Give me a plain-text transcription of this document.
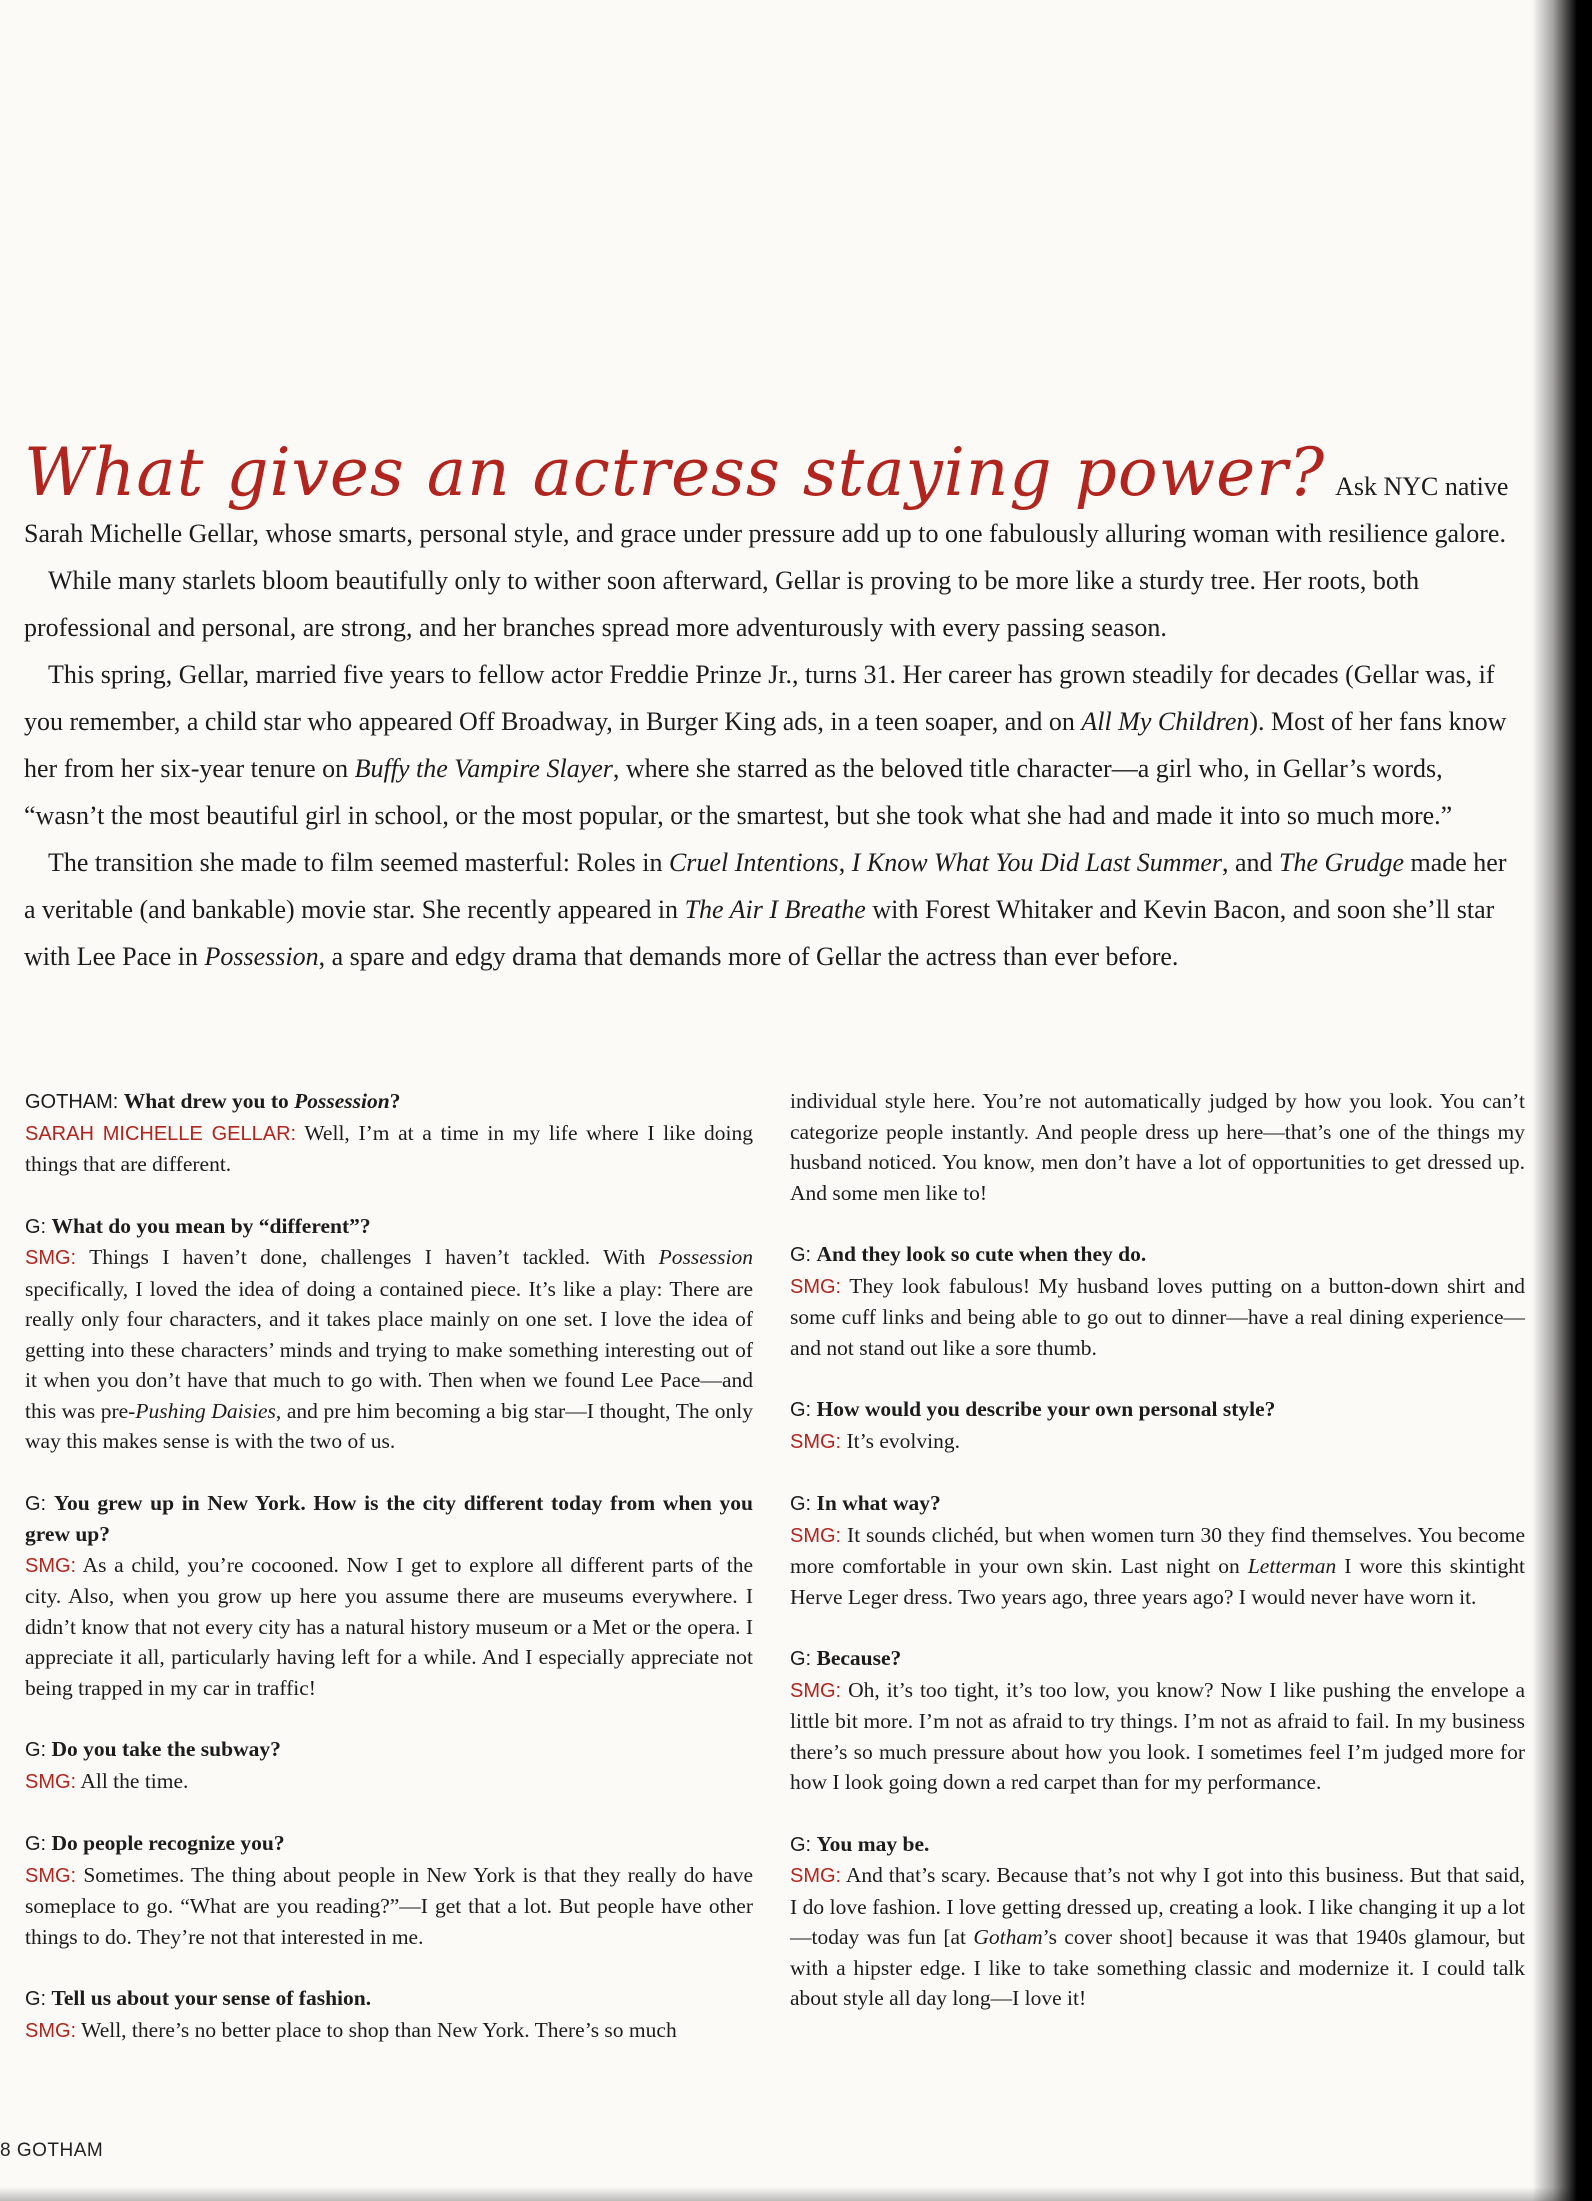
What gives an actress staying power? Ask NYC native Sarah Michelle Gellar, whose smarts, personal style, and grace under pressure add up to one fabulously alluring woman with resilience galore.

While many starlets bloom beautifully only to wither soon afterward, Gellar is proving to be more like a sturdy tree. Her roots, both professional and personal, are strong, and her branches spread more adventurously with every passing season.

This spring, Gellar, married five years to fellow actor Freddie Prinze Jr., turns 31. Her career has grown steadily for decades (Gellar was, if you remember, a child star who appeared Off Broadway, in Burger King ads, in a teen soaper, and on All My Children). Most of her fans know her from her six-year tenure on Buffy the Vampire Slayer, where she starred as the beloved title character—a girl who, in Gellar’s words, “wasn’t the most beautiful girl in school, or the most popular, or the smartest, but she took what she had and made it into so much more.”

The transition she made to film seemed masterful: Roles in Cruel Intentions, I Know What You Did Last Summer, and The Grudge made her a veritable (and bankable) movie star. She recently appeared in The Air I Breathe with Forest Whitaker and Kevin Bacon, and soon she’ll star with Lee Pace in Possession, a spare and edgy drama that demands more of Gellar the actress than ever before.

GOTHAM: What drew you to Possession?

SARAH MICHELLE GELLAR: Well, I’m at a time in my life where I like doing things that are different.

G: What do you mean by “different”?

SMG: Things I haven’t done, challenges I haven’t tackled. With Possession specifically, I loved the idea of doing a contained piece. It’s like a play: There are really only four characters, and it takes place mainly on one set. I love the idea of getting into these characters’ minds and trying to make something interesting out of it when you don’t have that much to go with. Then when we found Lee Pace—and this was pre-Pushing Daisies, and pre him becoming a big star—I thought, The only way this makes sense is with the two of us.

G: You grew up in New York. How is the city different today from when you grew up?

SMG: As a child, you’re cocooned. Now I get to explore all different parts of the city. Also, when you grow up here you assume there are museums everywhere. I didn’t know that not every city has a natural history museum or a Met or the opera. I appreciate it all, particularly having left for a while. And I especially appreciate not being trapped in my car in traffic!

G: Do you take the subway?

SMG: All the time.

G: Do people recognize you?

SMG: Sometimes. The thing about people in New York is that they really do have someplace to go. “What are you reading?”—I get that a lot. But people have other things to do. They’re not that interested in me.

G: Tell us about your sense of fashion.

SMG: Well, there’s no better place to shop than New York. There’s so much

individual style here. You’re not automatically judged by how you look. You can’t categorize people instantly. And people dress up here—that’s one of the things my husband noticed. You know, men don’t have a lot of opportunities to get dressed up. And some men like to!

G: And they look so cute when they do.

SMG: They look fabulous! My husband loves putting on a button-down shirt and some cuff links and being able to go out to dinner—have a real dining experience—and not stand out like a sore thumb.

G: How would you describe your own personal style?

SMG: It’s evolving.

G: In what way?

SMG: It sounds clichéd, but when women turn 30 they find themselves. You become more comfortable in your own skin. Last night on Letterman I wore this skintight Herve Leger dress. Two years ago, three years ago? I would never have worn it.

G: Because?

SMG: Oh, it’s too tight, it’s too low, you know? Now I like pushing the envelope a little bit more. I’m not as afraid to try things. I’m not as afraid to fail. In my business there’s so much pressure about how you look. I sometimes feel I’m judged more for how I look going down a red carpet than for my performance.

G: You may be.

SMG: And that’s scary. Because that’s not why I got into this business. But that said, I do love fashion. I love getting dressed up, creating a look. I like changing it up a lot—today was fun [at Gotham’s cover shoot] because it was that 1940s glamour, but with a hipster edge. I like to take something classic and modernize it. I could talk about style all day long—I love it!

8 GOTHAM
